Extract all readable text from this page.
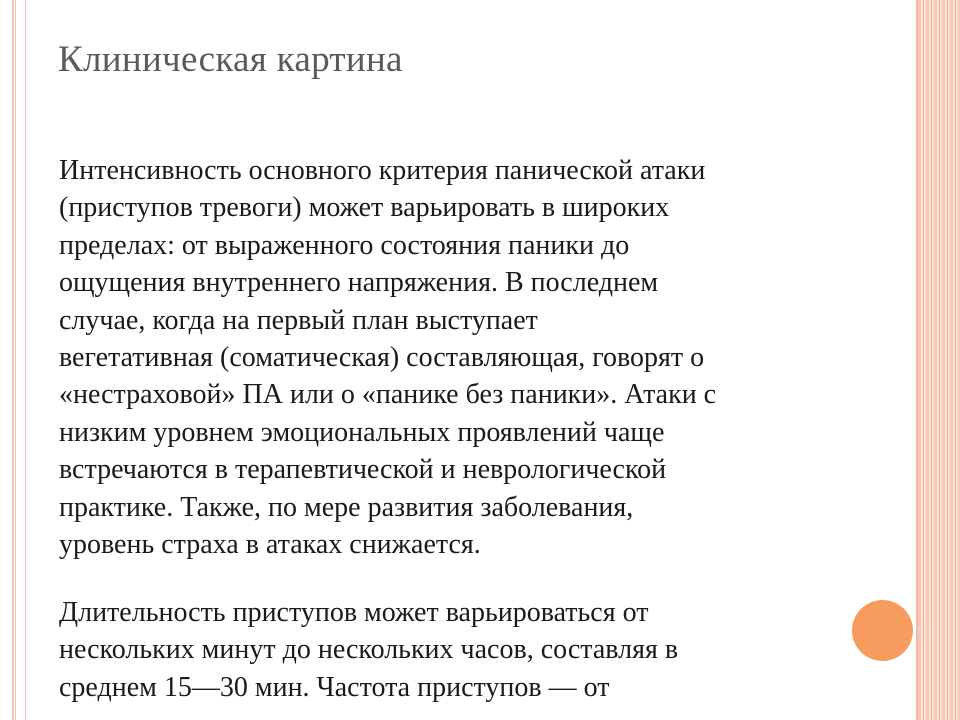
Клиническая картина
Интенсивность основного критерия панической атаки
(приступов тревоги) может варьировать в широких
пределах: от выраженного состояния паники до
ощущения внутреннего напряжения. В последнем
случае, когда на первый план выступает
вегетативная (соматическая) составляющая, говорят о
«нестраховой» ПА или о «панике без паники». Атаки с
низким уровнем эмоциональных проявлений чаще
встречаются в терапевтической и неврологической
практике. Также, по мере развития заболевания,
уровень страха в атаках снижается.
Длительность приступов может варьироваться от
нескольких минут до нескольких часов, составляя в
среднем 15—30 мин. Частота приступов — от
